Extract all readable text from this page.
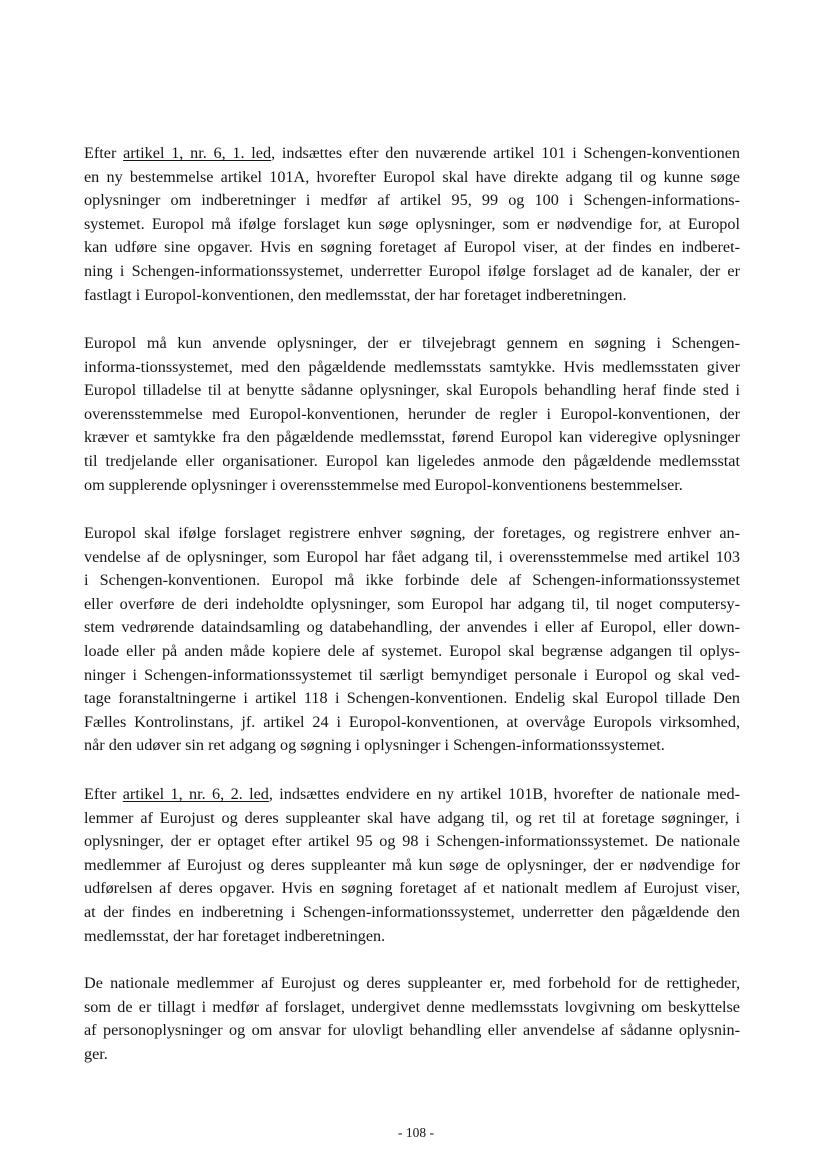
Efter artikel 1, nr. 6, 1. led, indsættes efter den nuværende artikel 101 i Schengen-konventionen
en ny bestemmelse artikel 101A, hvorefter Europol skal have direkte adgang til og kunne søge
oplysninger om indberetninger i medfør af artikel 95, 99 og 100 i Schengen-informations-
systemet. Europol må ifølge forslaget kun søge oplysninger, som er nødvendige for, at Europol
kan udføre sine opgaver. Hvis en søgning foretaget af Europol viser, at der findes en indberet-
ning i Schengen-informationssystemet, underretter Europol ifølge forslaget ad de kanaler, der er
fastlagt i Europol-konventionen, den medlemsstat, der har foretaget indberetningen.

Europol må kun anvende oplysninger, der er tilvejebragt gennem en søgning i Schengen-
informa-tionssystemet, med den pågældende medlemsstats samtykke. Hvis medlemsstaten giver
Europol tilladelse til at benytte sådanne oplysninger, skal Europols behandling heraf finde sted i
overensstemmelse med Europol-konventionen, herunder de regler i Europol-konventionen, der
kræver et samtykke fra den pågældende medlemsstat, førend Europol kan videregive oplysninger
til tredjelande eller organisationer. Europol kan ligeledes anmode den pågældende medlemsstat
om supplerende oplysninger i overensstemmelse med Europol-konventionens bestemmelser.

Europol skal ifølge forslaget registrere enhver søgning, der foretages, og registrere enhver an-
vendelse af de oplysninger, som Europol har fået adgang til, i overensstemmelse med artikel 103
i Schengen-konventionen. Europol må ikke forbinde dele af Schengen-informationssystemet
eller overføre de deri indeholdte oplysninger, som Europol har adgang til, til noget computersy-
stem vedrørende dataindsamling og databehandling, der anvendes i eller af Europol, eller down-
loade eller på anden måde kopiere dele af systemet. Europol skal begrænse adgangen til oplys-
ninger i Schengen-informationssystemet til særligt bemyndiget personale i Europol og skal ved-
tage foranstaltningerne i artikel 118 i Schengen-konventionen. Endelig skal Europol tillade Den
Fælles Kontrolinstans, jf. artikel 24 i Europol-konventionen, at overvåge Europols virksomhed,
når den udøver sin ret adgang og søgning i oplysninger i Schengen-informationssystemet.

Efter artikel 1, nr. 6, 2. led, indsættes endvidere en ny artikel 101B, hvorefter de nationale med-
lemmer af Eurojust og deres suppleanter skal have adgang til, og ret til at foretage søgninger, i
oplysninger, der er optaget efter artikel 95 og 98 i Schengen-informationssystemet. De nationale
medlemmer af Eurojust og deres suppleanter må kun søge de oplysninger, der er nødvendige for
udførelsen af deres opgaver. Hvis en søgning foretaget af et nationalt medlem af Eurojust viser,
at der findes en indberetning i Schengen-informationssystemet, underretter den pågældende den
medlemsstat, der har foretaget indberetningen.

De nationale medlemmer af Eurojust og deres suppleanter er, med forbehold for de rettigheder,
som de er tillagt i medfør af forslaget, undergivet denne medlemsstats lovgivning om beskyttelse
af personoplysninger og om ansvar for ulovligt behandling eller anvendelse af sådanne oplysnin-
ger.

- 108 -
